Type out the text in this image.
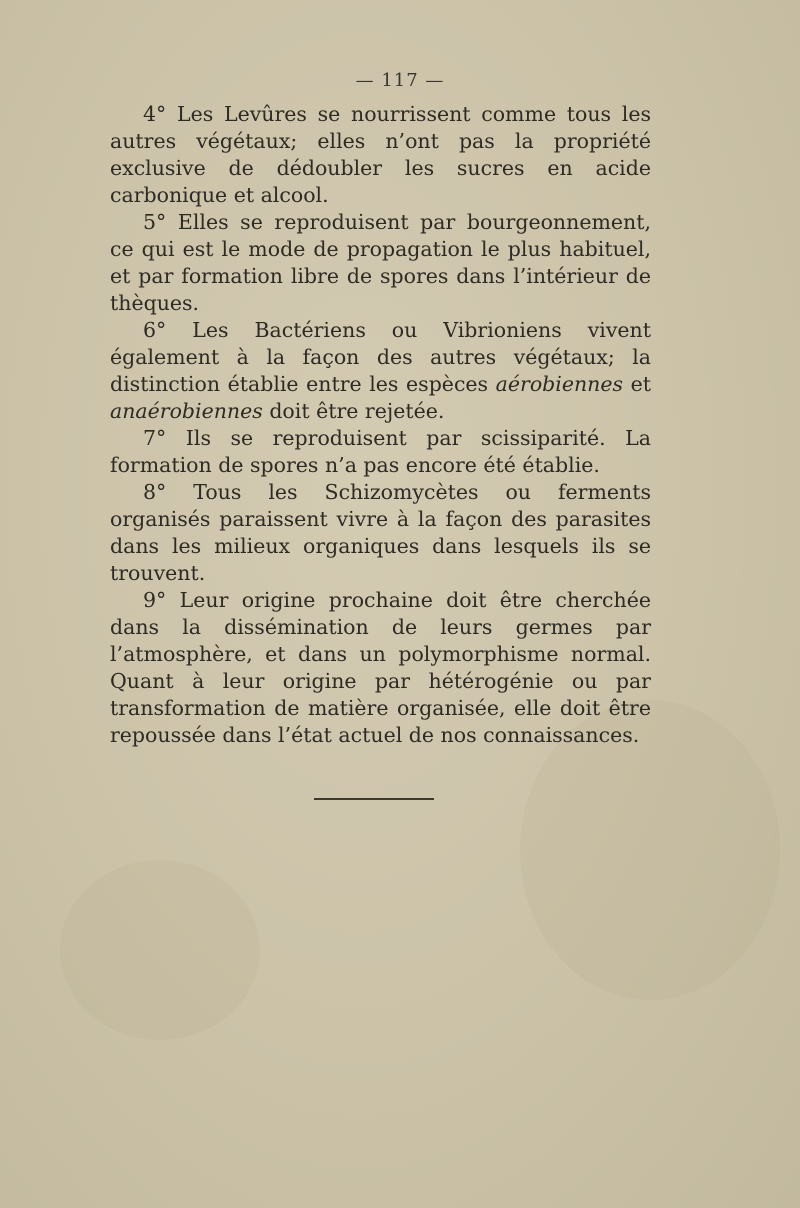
— 117 —

4° Les Levûres se nourrissent comme tous les autres végétaux; elles n’ont pas la propriété exclusive de dédoubler les sucres en acide carbonique et alcool.

5° Elles se reproduisent par bourgeonnement, ce qui est le mode de propagation le plus habituel, et par formation libre de spores dans l’intérieur de thèques.

6° Les Bactériens ou Vibrioniens vivent également à la façon des autres végétaux; la distinction établie entre les espèces aérobiennes et anaérobiennes doit être rejetée.

7° Ils se reproduisent par scissiparité. La formation de spores n’a pas encore été établie.

8° Tous les Schizomycètes ou ferments organisés paraissent vivre à la façon des parasites dans les milieux organiques dans lesquels ils se trouvent.

9° Leur origine prochaine doit être cherchée dans la dissémination de leurs germes par l’atmosphère, et dans un polymorphisme normal. Quant à leur origine par hétérogénie ou par transformation de matière organisée, elle doit être repoussée dans l’état actuel de nos connaissances.
